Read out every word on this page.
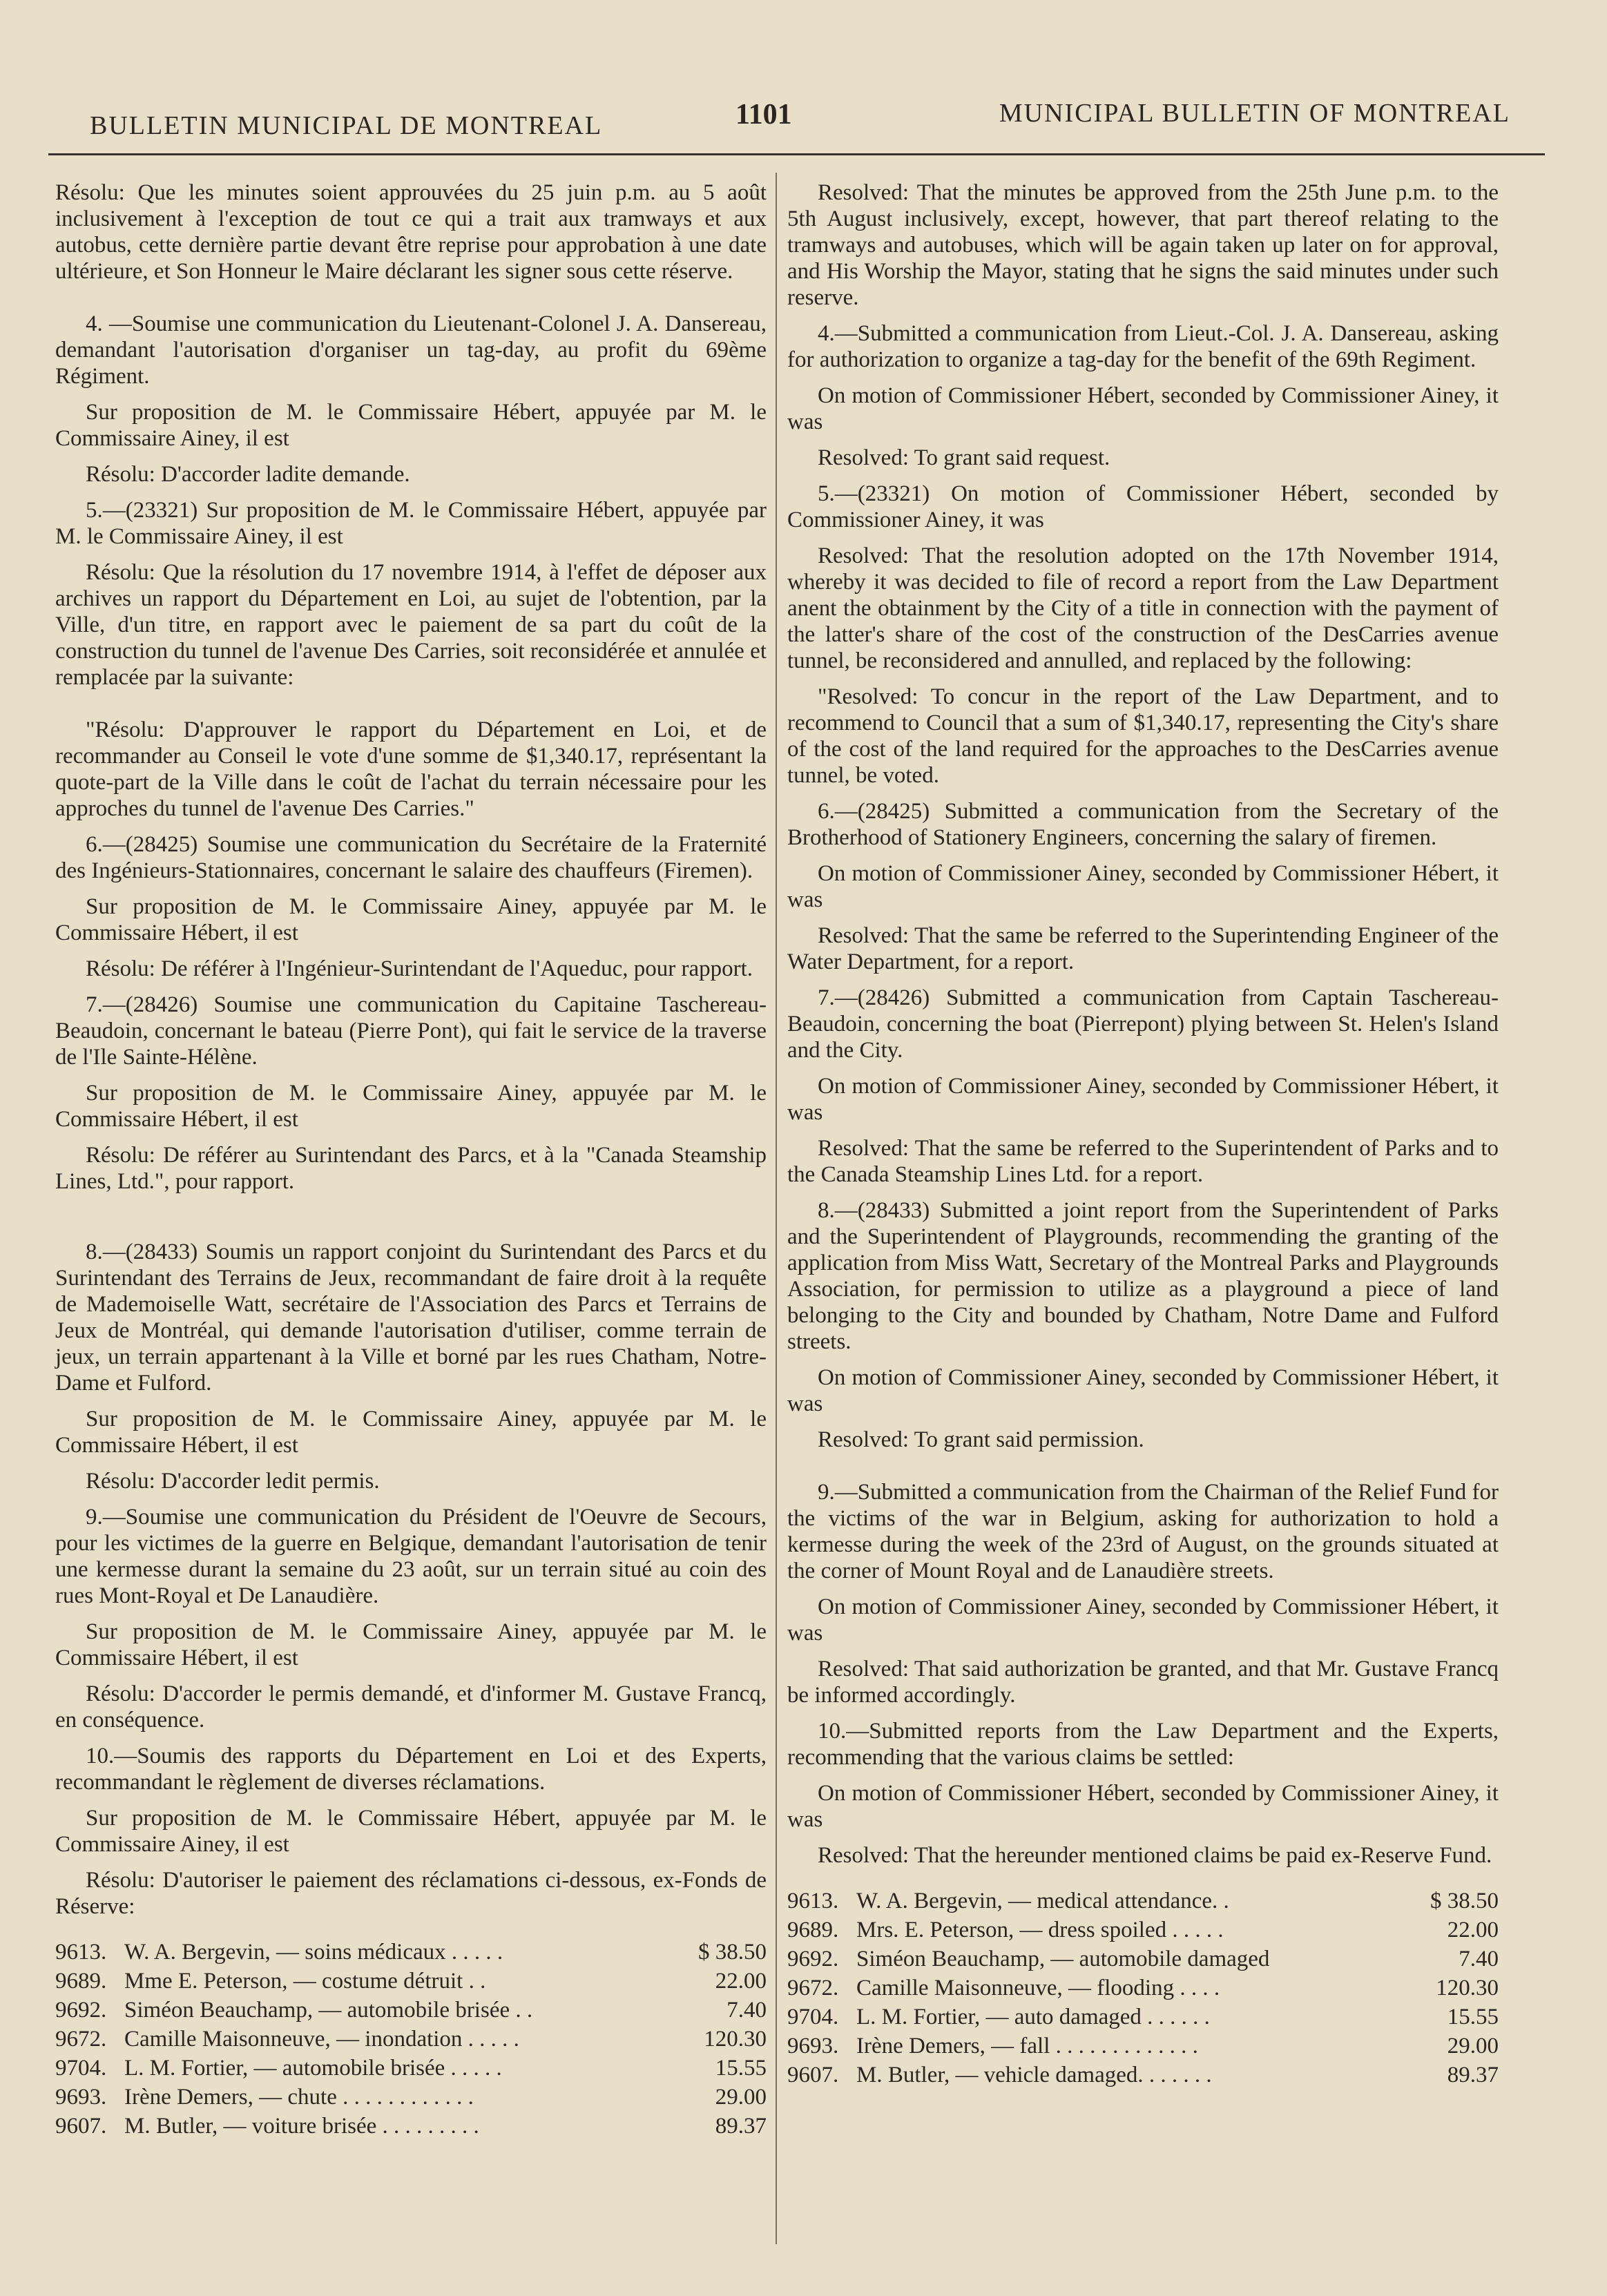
BULLETIN MUNICIPAL DE MONTREAL	1101	MUNICIPAL BULLETIN OF MONTREAL

Résolu: Que les minutes soient approuvées du 25 juin p.m. au 5 août inclusivement à l'exception de tout ce qui a trait aux tramways et aux autobus, cette dernière partie devant être reprise pour approbation à une date ultérieure, et Son Honneur le Maire déclarant les signer sous cette réserve.

4. —Soumise une communication du Lieutenant-Colonel J. A. Dansereau, demandant l'autorisation d'organiser un tag-day, au profit du 69ème Régiment.

Sur proposition de M. le Commissaire Hébert, appuyée par M. le Commissaire Ainey, il est

Résolu: D'accorder ladite demande.

5.—(23321) Sur proposition de M. le Commissaire Hébert, appuyée par M. le Commissaire Ainey, il est

Résolu: Que la résolution du 17 novembre 1914, à l'effet de déposer aux archives un rapport du Département en Loi, au sujet de l'obtention, par la Ville, d'un titre, en rapport avec le paiement de sa part du coût de la construction du tunnel de l'avenue Des Carries, soit reconsidérée et annulée et remplacée par la suivante:

"Résolu: D'approuver le rapport du Département en Loi, et de recommander au Conseil le vote d'une somme de $1,340.17, représentant la quote-part de la Ville dans le coût de l'achat du terrain nécessaire pour les approches du tunnel de l'avenue Des Carries."

6.—(28425) Soumise une communication du Secrétaire de la Fraternité des Ingénieurs-Stationnaires, concernant le salaire des chauffeurs (Firemen).

Sur proposition de M. le Commissaire Ainey, appuyée par M. le Commissaire Hébert, il est

Résolu: De référer à l'Ingénieur-Surintendant de l'Aqueduc, pour rapport.

7.—(28426) Soumise une communication du Capitaine Taschereau-Beaudoin, concernant le bateau (Pierre Pont), qui fait le service de la traverse de l'Ile Sainte-Hélène.

Sur proposition de M. le Commissaire Ainey, appuyée par M. le Commissaire Hébert, il est

Résolu: De référer au Surintendant des Parcs, et à la "Canada Steamship Lines, Ltd.", pour rapport.

8.—(28433) Soumis un rapport conjoint du Surintendant des Parcs et du Surintendant des Terrains de Jeux, recommandant de faire droit à la requête de Mademoiselle Watt, secrétaire de l'Association des Parcs et Terrains de Jeux de Montréal, qui demande l'autorisation d'utiliser, comme terrain de jeux, un terrain appartenant à la Ville et borné par les rues Chatham, Notre-Dame et Fulford.

Sur proposition de M. le Commissaire Ainey, appuyée par M. le Commissaire Hébert, il est

Résolu: D'accorder ledit permis.

9.—Soumise une communication du Président de l'Oeuvre de Secours, pour les victimes de la guerre en Belgique, demandant l'autorisation de tenir une kermesse durant la semaine du 23 août, sur un terrain situé au coin des rues Mont-Royal et De Lanaudière.

Sur proposition de M. le Commissaire Ainey, appuyée par M. le Commissaire Hébert, il est

Résolu: D'accorder le permis demandé, et d'informer M. Gustave Francq, en conséquence.

10.—Soumis des rapports du Département en Loi et des Experts, recommandant le règlement de diverses réclamations.

Sur proposition de M. le Commissaire Hébert, appuyée par M. le Commissaire Ainey, il est

Résolu: D'autoriser le paiement des réclamations ci-dessous, ex-Fonds de Réserve:

9613. W. A. Bergevin, — soins médicaux . . . . .	$ 38.50
9689. Mme E. Peterson, — costume détruit . .	22.00
9692. Siméon Beauchamp, — automobile brisée . .	7.40
9672. Camille Maisonneuve, — inondation . . . . .	120.30
9704. L. M. Fortier, — automobile brisée . . . . .	15.55
9693. Irène Demers, — chute . . . . . . . . . . . .	29.00
9607. M. Butler, — voiture brisée . . . . . . . . .	89.37

Resolved: That the minutes be approved from the 25th June p.m. to the 5th August inclusively, except, however, that part thereof relating to the tramways and autobuses, which will be again taken up later on for approval, and His Worship the Mayor, stating that he signs the said minutes under such reserve.

4.—Submitted a communication from Lieut.-Col. J. A. Dansereau, asking for authorization to organize a tag-day for the benefit of the 69th Regiment.

On motion of Commissioner Hébert, seconded by Commissioner Ainey, it was

Resolved: To grant said request.

5.—(23321) On motion of Commissioner Hébert, seconded by Commissioner Ainey, it was

Resolved: That the resolution adopted on the 17th November 1914, whereby it was decided to file of record a report from the Law Department anent the obtainment by the City of a title in connection with the payment of the latter's share of the cost of the construction of the DesCarries avenue tunnel, be reconsidered and annulled, and replaced by the following:

"Resolved: To concur in the report of the Law Department, and to recommend to Council that a sum of $1,340.17, representing the City's share of the cost of the land required for the approaches to the DesCarries avenue tunnel, be voted.

6.—(28425) Submitted a communication from the Secretary of the Brotherhood of Stationery Engineers, concerning the salary of firemen.

On motion of Commissioner Ainey, seconded by Commissioner Hébert, it was

Resolved: That the same be referred to the Superintending Engineer of the Water Department, for a report.

7.—(28426) Submitted a communication from Captain Taschereau-Beaudoin, concerning the boat (Pierrepont) plying between St. Helen's Island and the City.

On motion of Commissioner Ainey, seconded by Commissioner Hébert, it was

Resolved: That the same be referred to the Superintendent of Parks and to the Canada Steamship Lines Ltd. for a report.

8.—(28433) Submitted a joint report from the Superintendent of Parks and the Superintendent of Playgrounds, recommending the granting of the application from Miss Watt, Secretary of the Montreal Parks and Playgrounds Association, for permission to utilize as a playground a piece of land belonging to the City and bounded by Chatham, Notre Dame and Fulford streets.

On motion of Commissioner Ainey, seconded by Commissioner Hébert, it was

Resolved: To grant said permission.

9.—Submitted a communication from the Chairman of the Relief Fund for the victims of the war in Belgium, asking for authorization to hold a kermesse during the week of the 23rd of August, on the grounds situated at the corner of Mount Royal and de Lanaudière streets.

On motion of Commissioner Ainey, seconded by Commissioner Hébert, it was

Resolved: That said authorization be granted, and that Mr. Gustave Francq be informed accordingly.

10.—Submitted reports from the Law Department and the Experts, recommending that the various claims be settled:

On motion of Commissioner Hébert, seconded by Commissioner Ainey, it was

Resolved: That the hereunder mentioned claims be paid ex-Reserve Fund.

9613. W. A. Bergevin, — medical attendance. .	$ 38.50
9689. Mrs. E. Peterson, — dress spoiled . . . . .	22.00
9692. Siméon Beauchamp, — automobile damaged	7.40
9672. Camille Maisonneuve, — flooding . . . .	120.30
9704. L. M. Fortier, — auto damaged . . . . . .	15.55
9693. Irène Demers, — fall . . . . . . . . . . . . .	29.00
9607. M. Butler, — vehicle damaged. . . . . . .	89.37
